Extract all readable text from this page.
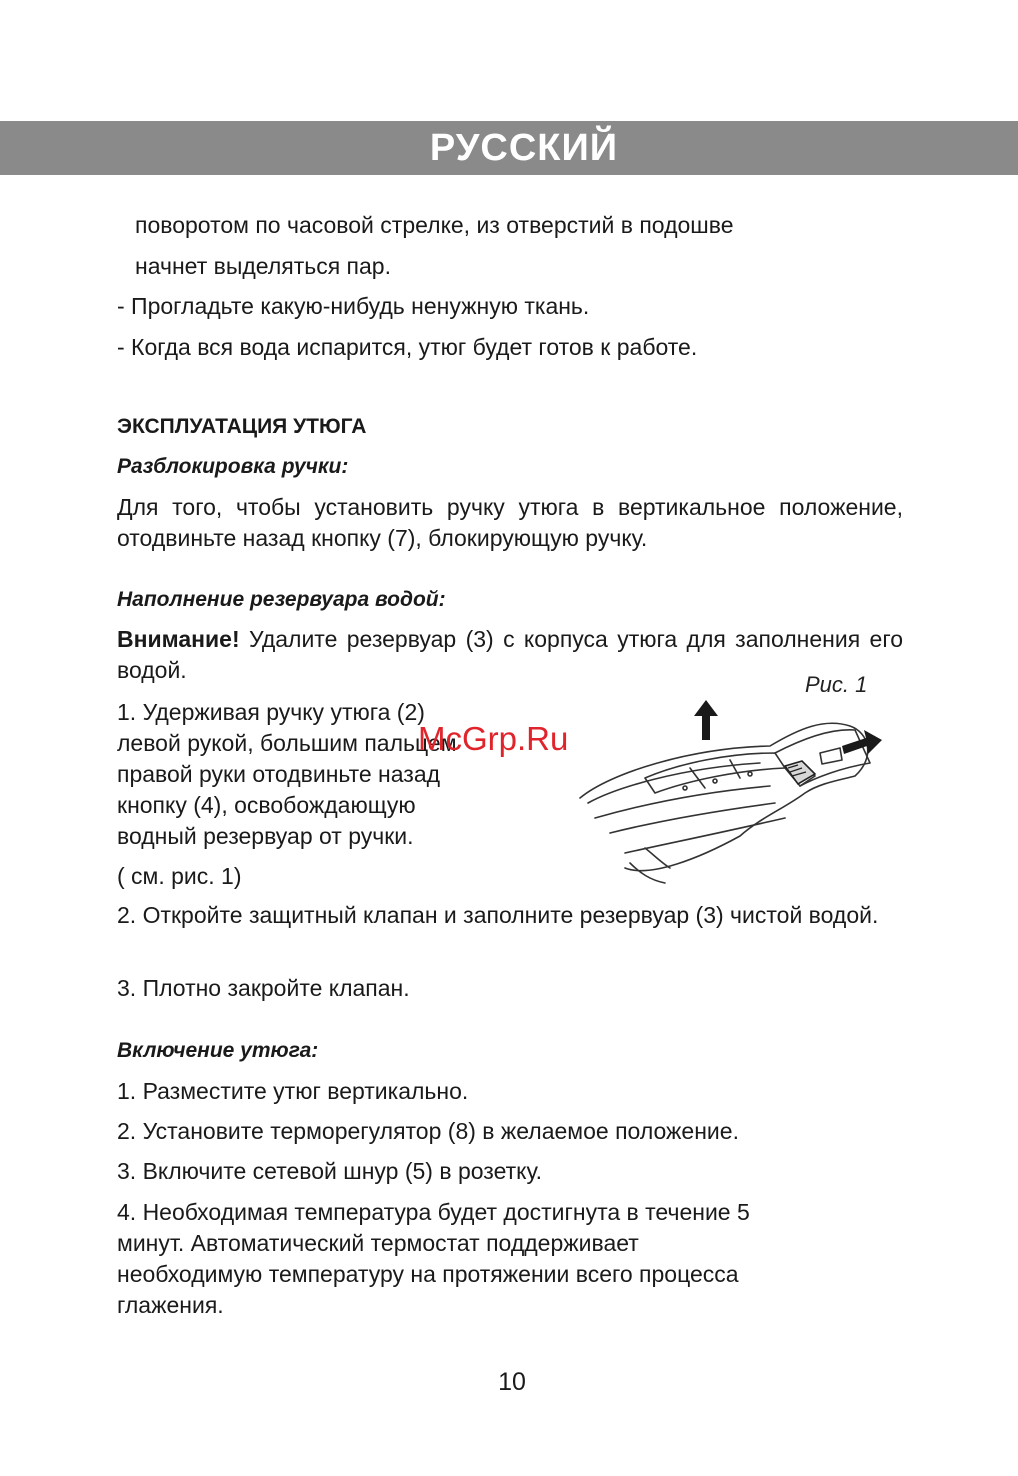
РУССКИЙ
поворотом по часовой стрелке, из отверстий в подошве
начнет выделяться пар.
- Прогладьте какую-нибудь ненужную ткань.
- Когда вся вода испарится, утюг будет готов к работе.
ЭКСПЛУАТАЦИЯ УТЮГА
Разблокировка ручки:
Для того, чтобы установить ручку утюга в вертикальное положение, отодвиньте назад кнопку (7), блокирующую ручку.
Наполнение резервуара водой:
Внимание! Удалите резервуар (3) с корпуса утюга для заполнения его водой.
1. Удерживая ручку утюга (2)
левой рукой, большим пальцем
правой руки отодвиньте назад
кнопку (4), освобождающую
водный резервуар от ручки.
( см. рис. 1)
Рис. 1
McGrp.Ru
2. Откройте защитный клапан и заполните резервуар (3) чистой водой.
3. Плотно закройте клапан.
Включение утюга:
1. Разместите утюг вертикально.
2. Установите терморегулятор (8) в желаемое положение.
3. Включите сетевой шнур (5) в розетку.
4. Необходимая температура будет достигнута в течение 5
минут. Автоматический термостат поддерживает
необходимую температуру на протяжении всего процесса
глажения.
10
